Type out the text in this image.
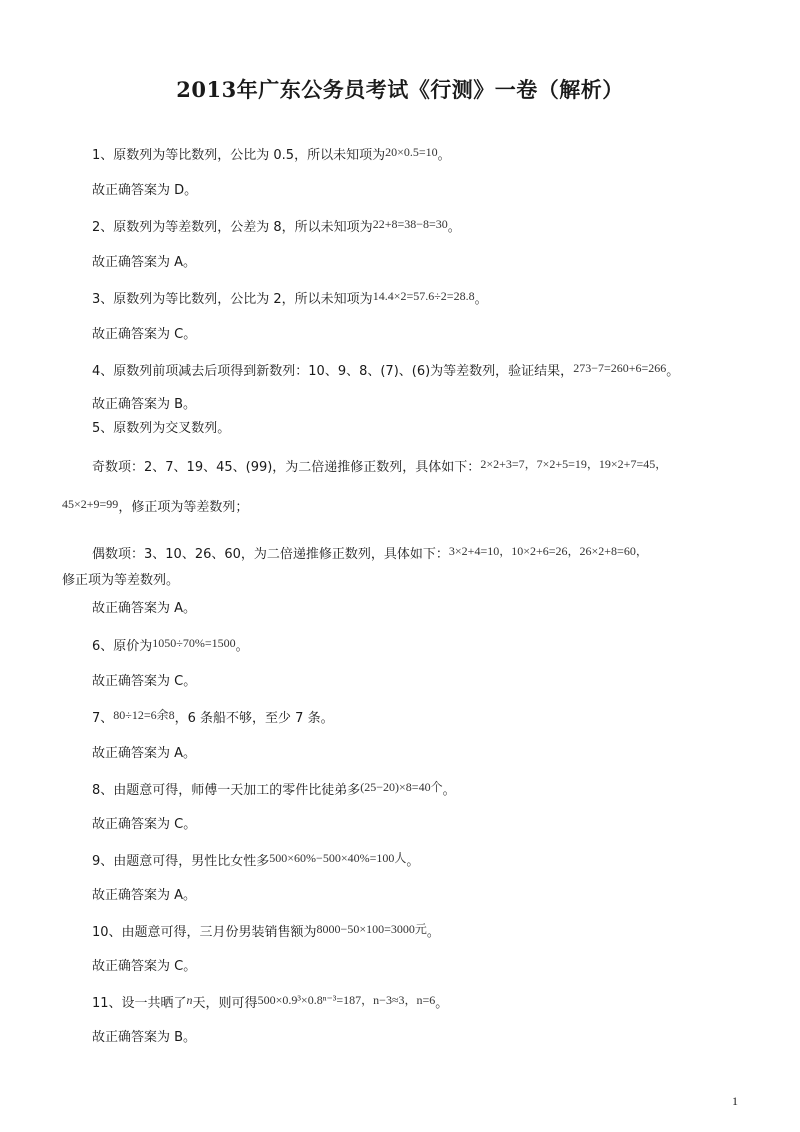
2013年广东公务员考试《行测》一卷（解析）
1、原数列为等比数列，公比为 0.5，所以未知项为20×0.5=10。
故正确答案为 D。
2、原数列为等差数列，公差为 8，所以未知项为22+8=38−8=30。
故正确答案为 A。
3、原数列为等比数列，公比为 2，所以未知项为14.4×2=57.6÷2=28.8。
故正确答案为 C。
4、原数列前项减去后项得到新数列：10、9、8、(7)、(6)为等差数列，验证结果，273−7=260+6=266。
故正确答案为 B。
5、原数列为交叉数列。
奇数项：2、7、19、45、(99)，为二倍递推修正数列，具体如下：2×2+3=7，7×2+5=19，19×2+7=45，
45×2+9=99，修正项为等差数列；
偶数项：3、10、26、60，为二倍递推修正数列，具体如下：3×2+4=10，10×2+6=26，26×2+8=60，
修正项为等差数列。
故正确答案为 A。
6、原价为1050÷70%=1500。
故正确答案为 C。
7、80÷12=6余8，6 条船不够，至少 7 条。
故正确答案为 A。
8、由题意可得，师傅一天加工的零件比徒弟多(25−20)×8=40个。
故正确答案为 C。
9、由题意可得，男性比女性多500×60%−500×40%=100人。
故正确答案为 A。
10、由题意可得，三月份男装销售额为8000−50×100=3000元。
故正确答案为 C。
11、设一共晒了n天，则可得500×0.9³×0.8ⁿ⁻³=187，n−3≈3，n=6。
故正确答案为 B。
1
